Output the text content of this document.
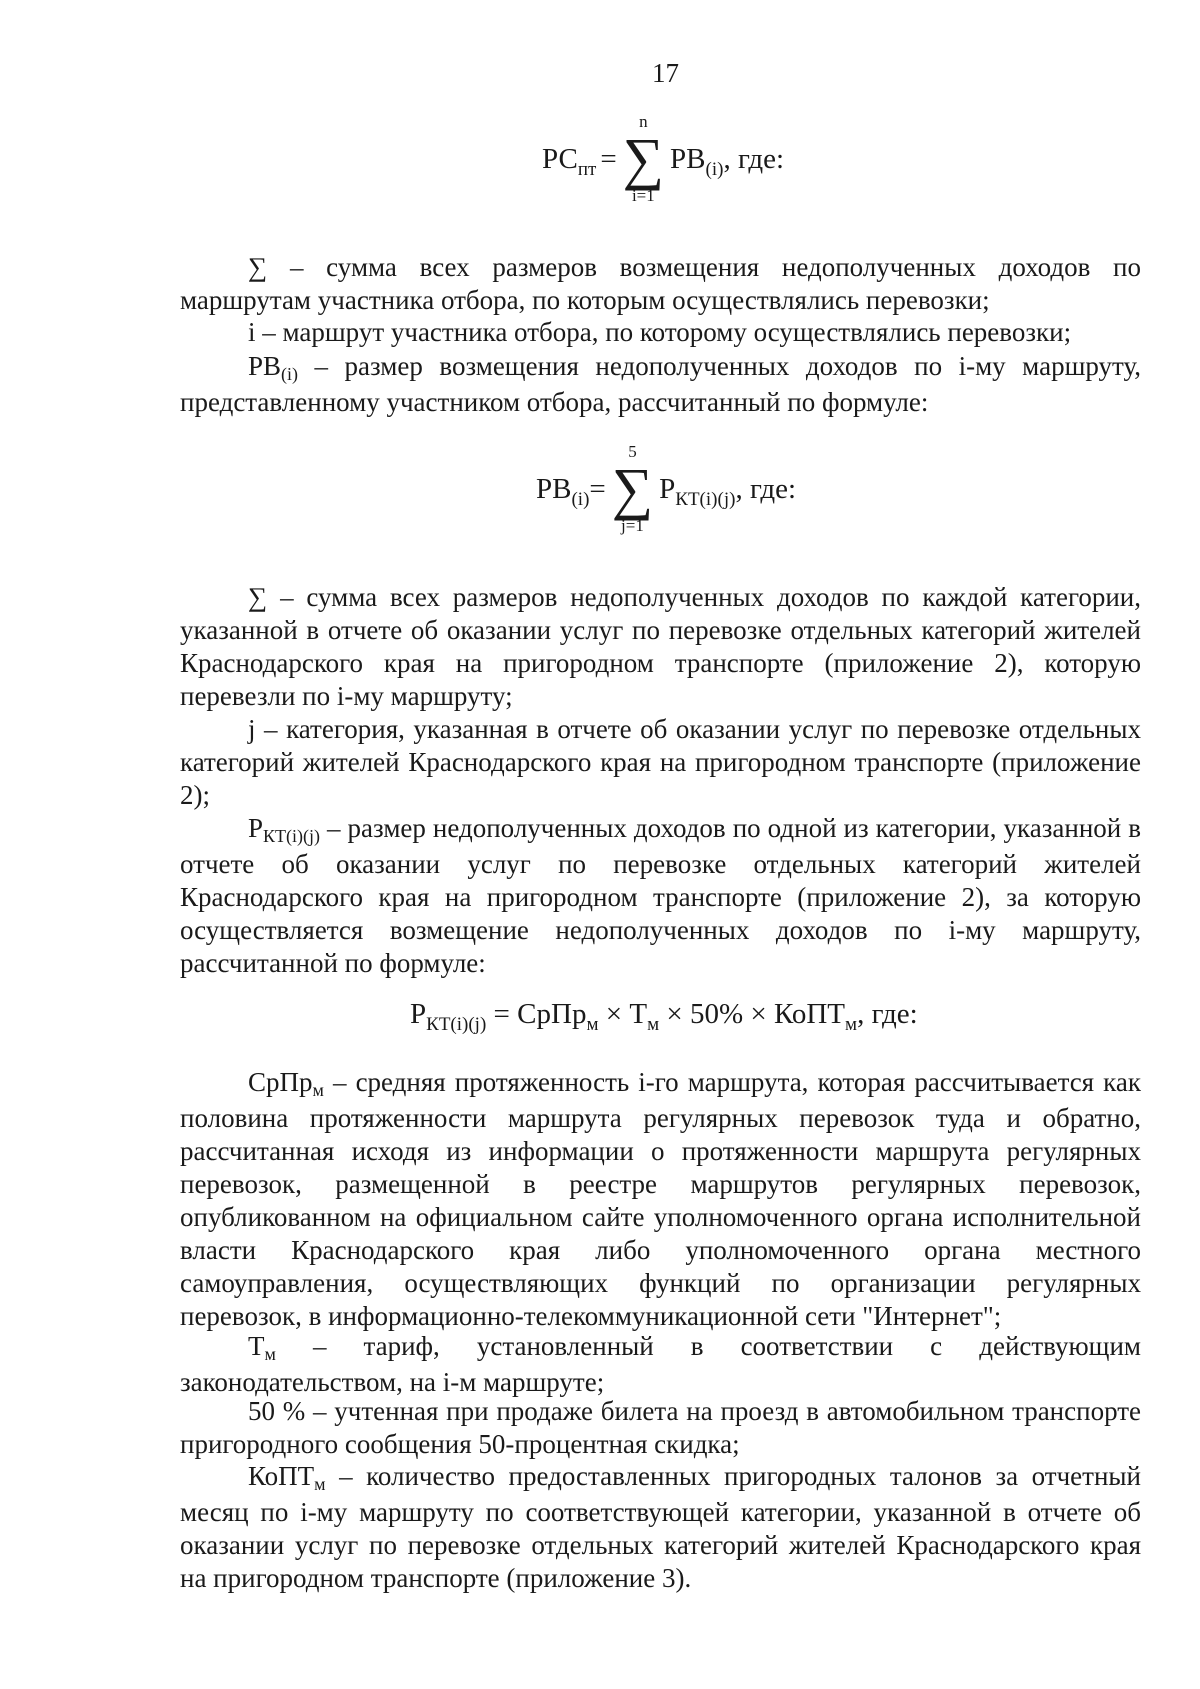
17
$РС_{пт}$ =
n
∑
i=1
$РВ_{(i)}$ , где:
∑ – сумма всех размеров возмещения недополученных доходов по маршрутам участника отбора, по которым осуществлялись перевозки;
i – маршрут участника отбора, по которому осуществлялись перевозки;
РВ(i) – размер возмещения недополученных доходов по i-му маршруту, представленному участником отбора, рассчитанный по формуле:
$РВ_{(i)}$ =
5
∑
j=1
$Р_{КТ(i)(j)}$ , где:
∑ – сумма всех размеров недополученных доходов по каждой категории, указанной в отчете об оказании услуг по перевозке отдельных категорий жителей Краснодарского края на пригородном транспорте (приложение 2), которую перевезли по i-му маршруту;
j – категория, указанная в отчете об оказании услуг по перевозке отдельных категорий жителей Краснодарского края на пригородном транспорте (приложение 2);
РКТ(i)(j) – размер недополученных доходов по одной из категории, указанной в отчете об оказании услуг по перевозке отдельных категорий жителей Краснодарского края на пригородном транспорте (приложение 2), за которую осуществляется возмещение недополученных доходов по i-му маршруту, рассчитанной по формуле:
$Р_{КТ(i)(j)}$ = СрПр$_м$ × $Т_м \times 50\%$ × КоПТ$_м$ , где:
СрПрм – средняя протяженность i-го маршрута, которая рассчитывается как половина протяженности маршрута регулярных перевозок туда и обратно, рассчитанная исходя из информации о протяженности маршрута регулярных перевозок, размещенной в реестре маршрутов регулярных перевозок, опубликованном на официальном сайте уполномоченного органа исполнительной власти Краснодарского края либо уполномоченного органа местного самоуправления, осуществляющих функций по организации регулярных перевозок, в информационно-телекоммуникационной сети "Интернет";
Тм – тариф, установленный в соответствии с действующим законодательством, на i-м маршруте;
50 % – учтенная при продаже билета на проезд в автомобильном транспорте пригородного сообщения 50-процентная скидка;
КоПТм – количество предоставленных пригородных талонов за отчетный месяц по i-му маршруту по соответствующей категории, указанной в отчете об оказании услуг по перевозке отдельных категорий жителей Краснодарского края на пригородном транспорте (приложение 3).
